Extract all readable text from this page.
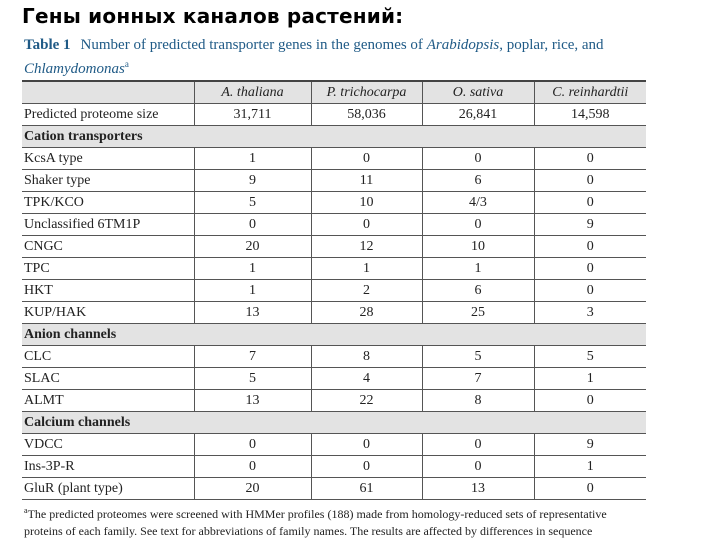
Гены ионных каналов растений:
Table 1 Number of predicted transporter genes in the genomes of Arabidopsis, poplar, rice, and
Chlamydomonas$^a$
	A. thaliana	P. trichocarpa	O. sativa	C. reinhardtii
Predicted proteome size	31,711	58,036	26,841	14,598
Cation transporters				
KcsA type	1	0	0	0
Shaker type	9	11	6	0
TPK/KCO	5	10	4/3	0
Unclassified 6TM1P	0	0	0	9
CNGC	20	12	10	0
TPC	1	1	1	0
HKT	1	2	6	0
KUP/HAK	13	28	25	3
Anion channels				
CLC	7	8	5	5
SLAC	5	4	7	1
ALMT	13	22	8	0
Calcium channels				
VDCC	0	0	0	9
Ins-3P-R	0	0	0	1
GluR (plant type)	20	61	13	0
$^a$The predicted proteomes were screened with HMMer profiles (188) made from homology-reduced sets of representative
proteins of each family. See text for abbreviations of family names. The results are affected by differences in sequence
